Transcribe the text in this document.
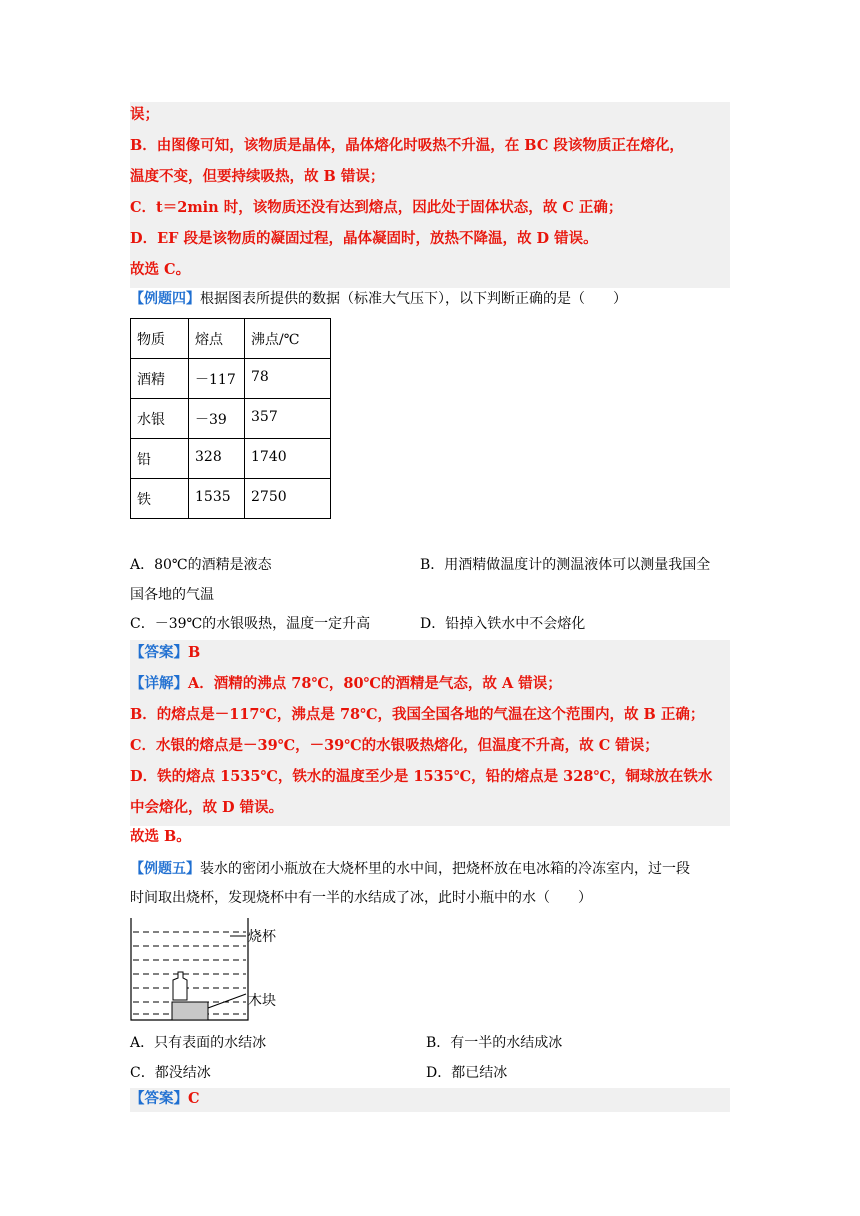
误；
B．由图像可知，该物质是晶体，晶体熔化时吸热不升温，在 BC 段该物质正在熔化，
温度不变，但要持续吸热，故 B 错误；
C．t＝2min 时，该物质还没有达到熔点，因此处于固体状态，故 C 正确；
D．EF 段是该物质的凝固过程，晶体凝固时，放热不降温，故 D 错误。
故选 C。
【例题四】根据图表所提供的数据（标准大气压下），以下判断正确的是（　　）
物质	熔点	沸点/℃
酒精	－117	78
水银	－39	357
铅	328	1740
铁	1535	2750
A．80℃的酒精是液态	B．用酒精做温度计的测温液体可以测量我国全
国各地的气温
C．－39℃的水银吸热，温度一定升高	D．铅掉入铁水中不会熔化
【答案】B
【详解】A．酒精的沸点 78℃，80℃的酒精是气态，故 A 错误；
B．的熔点是－117℃，沸点是 78℃，我国全国各地的气温在这个范围内，故 B 正确；
C．水银的熔点是－39℃，－39℃的水银吸热熔化，但温度不升高，故 C 错误；
D．铁的熔点 1535℃，铁水的温度至少是 1535℃，铅的熔点是 328℃，铜球放在铁水
中会熔化，故 D 错误。
故选 B。
【例题五】装水的密闭小瓶放在大烧杯里的水中间，把烧杯放在电冰箱的冷冻室内，过一段
时间取出烧杯，发现烧杯中有一半的水结成了冰，此时小瓶中的水（　　）
烧杯
木块
A．只有表面的水结冰	B．有一半的水结成冰
C．都没结冰	D．都已结冰
【答案】C
